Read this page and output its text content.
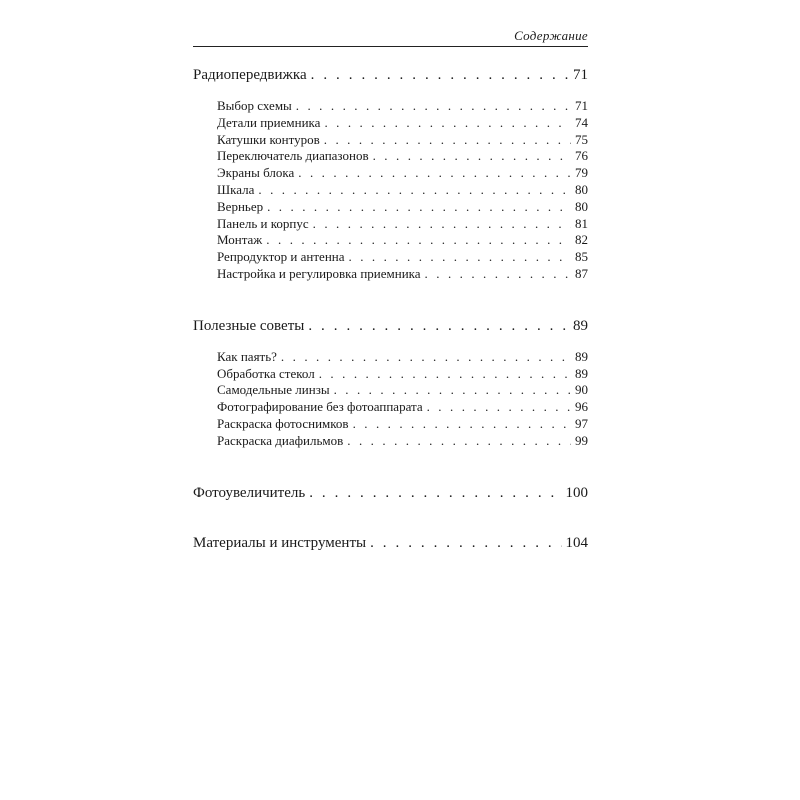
Содержание
Радиопередвижка . . .	71
Выбор схемы . . .	71
Детали приемника . . .	74
Катушки контуров . . .	75
Переключатель диапазонов . . .	76
Экраны блока . . .	79
Шкала . . .	80
Верньер . . .	80
Панель и корпус . . .	81
Монтаж . . .	82
Репродуктор и антенна . . .	85
Настройка и регулировка приемника . . .	87
Полезные советы . . .	89
Как паять? . . .	89
Обработка стекол . . .	89
Самодельные линзы . . .	90
Фотографирование без фотоаппарата . . .	96
Раскраска фотоснимков . . .	97
Раскраска диафильмов . . .	99
Фотоувеличитель . . .	100
Материалы и инструменты . . .	104
